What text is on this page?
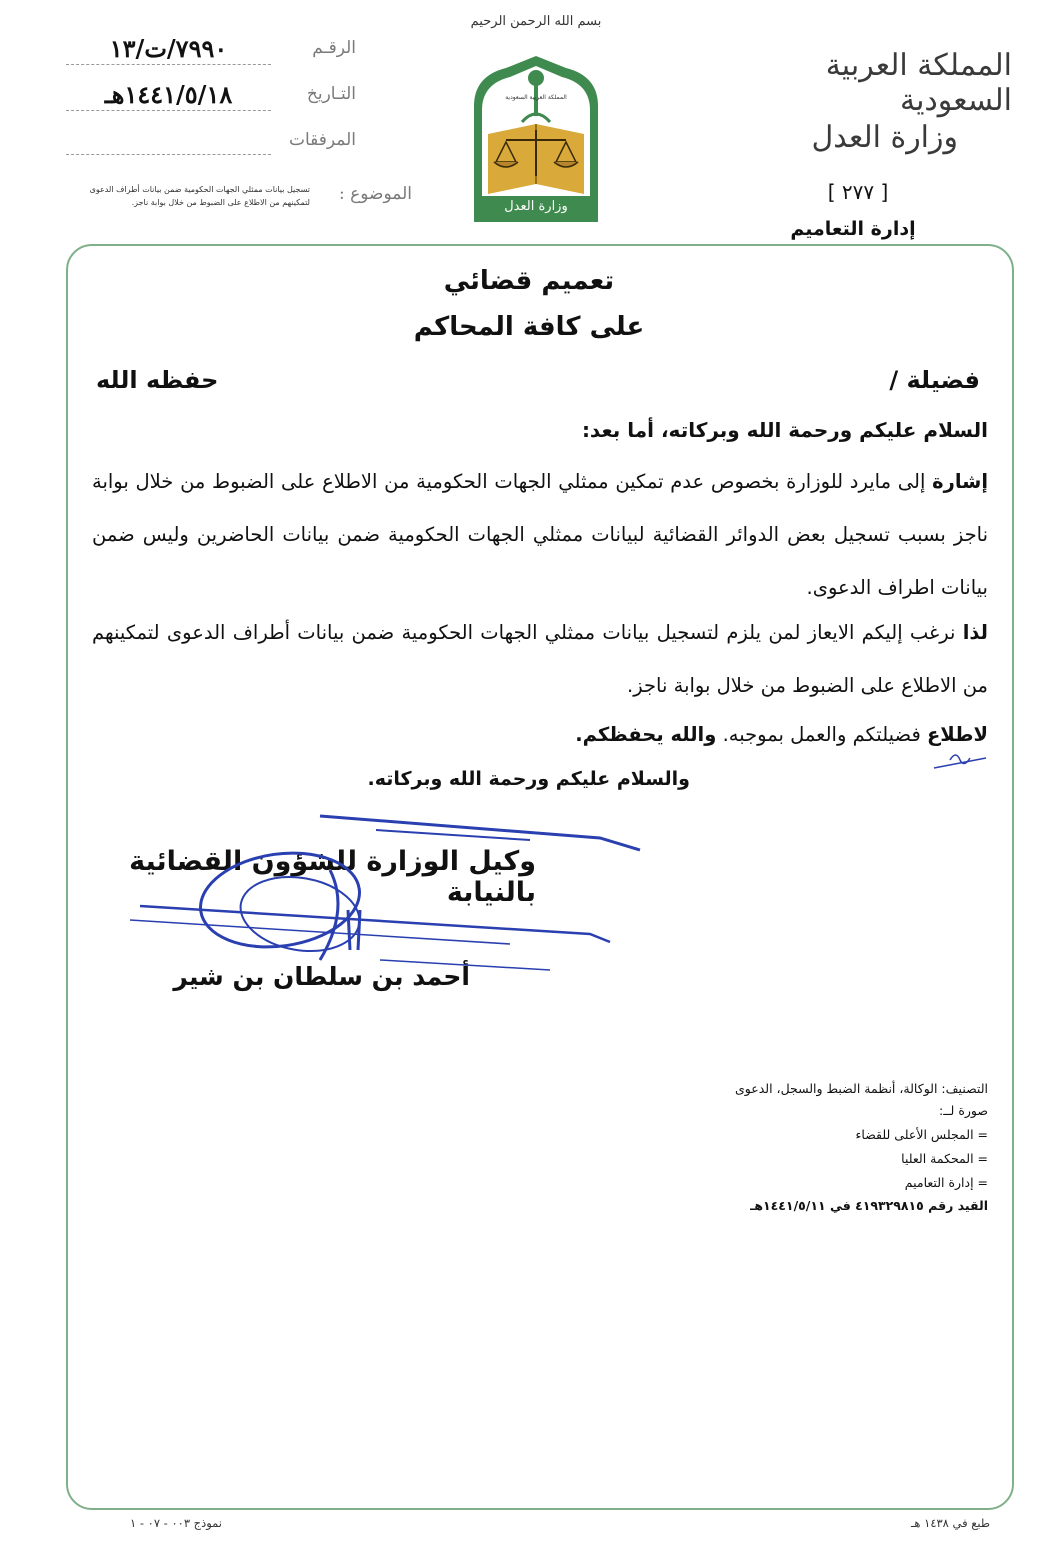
٧٩٩٠/ت/١٣	الرقـم
١٤٤١/٥/١٨هـ	التـاريخ
المرفقات
الموضوع :
تسجيل بيانات ممثلي الجهات الحكومية ضمن بيانات أطراف الدعوى
لتمكينهم من الاطلاع على الضبوط من خلال بوابة ناجز.
بسم الله الرحمن الرحيم
وزارة العدل
المملكة العربية السعودية
المملكة العربية السعودية
وزارة العدل
[ ٢٧٧ ]
إدارة التعاميم
تعميم قضائي
على كافة المحاكم
فضيلة /
حفظه الله
السلام عليكم ورحمة الله وبركاته، أما بعد:
إشارة إلى مايرد للوزارة بخصوص عدم تمكين ممثلي الجهات الحكومية من الاطلاع على الضبوط من خلال بوابة ناجز بسبب تسجيل بعض الدوائر القضائية لبيانات ممثلي الجهات الحكومية ضمن بيانات الحاضرين وليس ضمن بيانات اطراف الدعوى.
لذا نرغب إليكم الايعاز لمن يلزم لتسجيل بيانات ممثلي الجهات الحكومية ضمن بيانات أطراف الدعوى لتمكينهم من الاطلاع على الضبوط من خلال بوابة ناجز.
لاطلاع فضيلتكم والعمل بموجبه. والله يحفظكم.
والسلام عليكم ورحمة الله وبركاته.
وكيل الوزارة للشؤون القضائية بالنيابة
أحمد بن سلطان بن شير
التصنيف: الوكالة، أنظمة الضبط والسجل، الدعوى
صورة لــ:
= المجلس الأعلى للقضاء
= المحكمة العليا
= إدارة التعاميم
القيد رقم ٤١٩٣٢٩٨١٥ في ١٤٤١/٥/١١هـ
نموذج ٠٠٣ - ٠٧ - ١	طبع في ١٤٣٨ هـ
